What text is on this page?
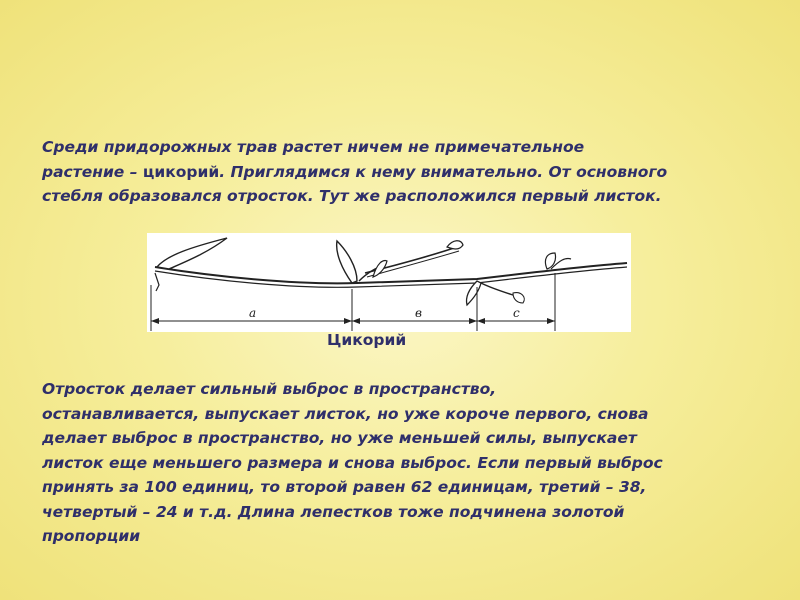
Среди придорожных трав растет ничем не примечательное
растение – цикорий. Приглядимся к нему внимательно. От основного
стебля образовался отросток. Тут же расположился первый листок.
a	в	c
Цикорий
Отросток делает сильный выброс в пространство,
останавливается, выпускает листок, но уже короче первого, снова
делает выброс в пространство, но уже меньшей силы, выпускает
листок еще меньшего размера и снова выброс. Если первый выброс
принять за 100 единиц, то второй равен 62 единицам, третий – 38,
четвертый – 24 и т.д. Длина лепестков тоже подчинена золотой
пропорции
